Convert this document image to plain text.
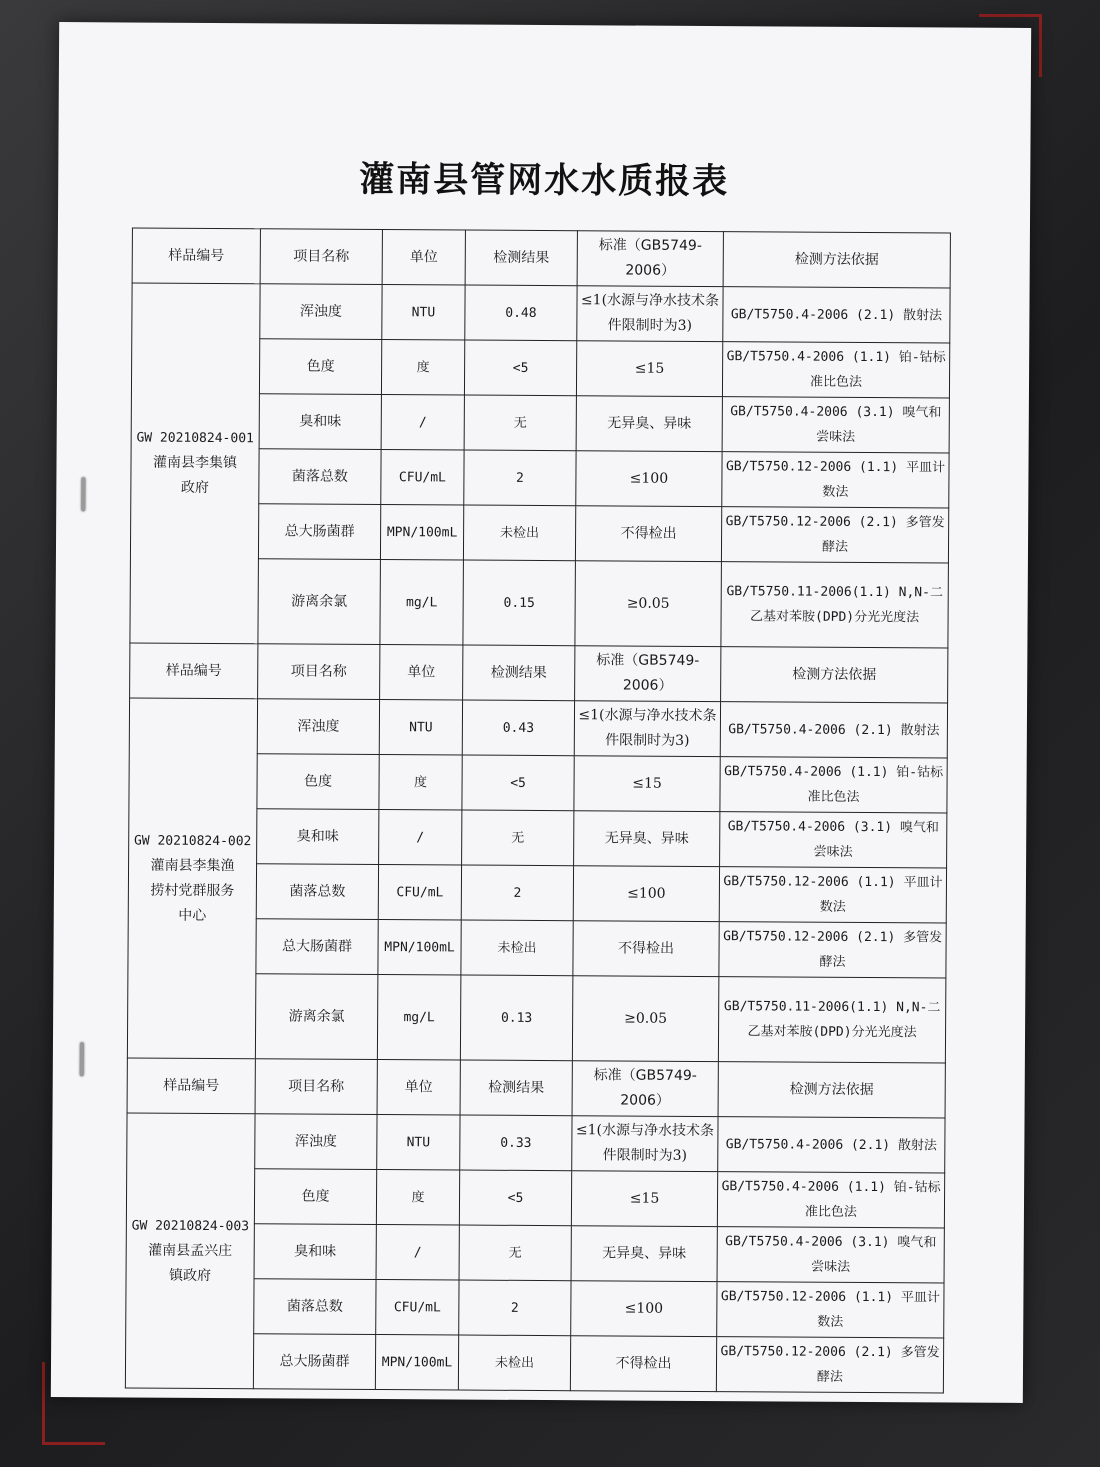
灌南县管网水水质报表
样品编号	项目名称	单位	检测结果	标准（GB5749-2006）	检测方法依据

GW 20210824-001
灌南县李集镇政府	浑浊度	NTU	0.48	≤1(水源与净水技术条件限制时为3)	GB/T5750.4-2006 (2.1) 散射法
	色度	度	<5	≤15	GB/T5750.4-2006 (1.1) 铂-钴标准比色法
	臭和味	/	无	无异臭、异味	GB/T5750.4-2006 (3.1) 嗅气和尝味法
	菌落总数	CFU/mL	2	≤100	GB/T5750.12-2006 (1.1) 平皿计数法
	总大肠菌群	MPN/100mL	未检出	不得检出	GB/T5750.12-2006 (2.1) 多管发酵法
	游离余氯	mg/L	0.15	≥0.05	GB/T5750.11-2006(1.1) N,N-二乙基对苯胺(DPD)分光光度法
样品编号	项目名称	单位	检测结果	标准（GB5749-2006）	检测方法依据

GW 20210824-002
灌南县李集渔捞村党群服务中心	浑浊度	NTU	0.43	≤1(水源与净水技术条件限制时为3)	GB/T5750.4-2006 (2.1) 散射法
	色度	度	<5	≤15	GB/T5750.4-2006 (1.1) 铂-钴标准比色法
	臭和味	/	无	无异臭、异味	GB/T5750.4-2006 (3.1) 嗅气和尝味法
	菌落总数	CFU/mL	2	≤100	GB/T5750.12-2006 (1.1) 平皿计数法
	总大肠菌群	MPN/100mL	未检出	不得检出	GB/T5750.12-2006 (2.1) 多管发酵法
	游离余氯	mg/L	0.13	≥0.05	GB/T5750.11-2006(1.1) N,N-二乙基对苯胺(DPD)分光光度法
样品编号	项目名称	单位	检测结果	标准（GB5749-2006）	检测方法依据

GW 20210824-003
灌南县孟兴庄镇政府	浑浊度	NTU	0.33	≤1(水源与净水技术条件限制时为3)	GB/T5750.4-2006 (2.1) 散射法
	色度	度	<5	≤15	GB/T5750.4-2006 (1.1) 铂-钴标准比色法
	臭和味	/	无	无异臭、异味	GB/T5750.4-2006 (3.1) 嗅气和尝味法
	菌落总数	CFU/mL	2	≤100	GB/T5750.12-2006 (1.1) 平皿计数法
	总大肠菌群	MPN/100mL	未检出	不得检出	GB/T5750.12-2006 (2.1) 多管发酵法
